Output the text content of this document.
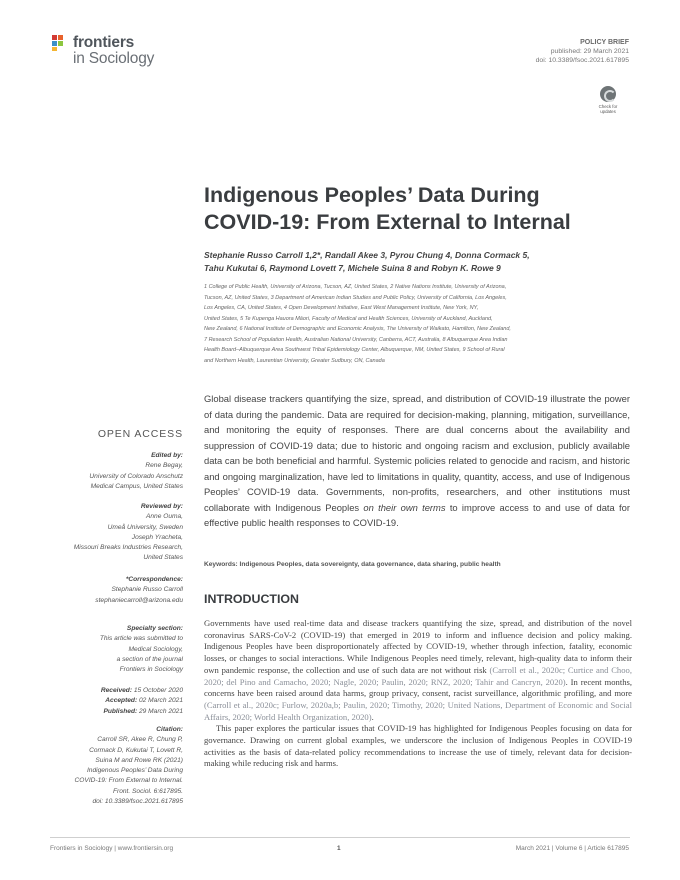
frontiers
in Sociology
POLICY BRIEF
published: 29 March 2021
doi: 10.3389/fsoc.2021.617895
Check for
updates
Indigenous Peoples’ Data During
COVID-19: From External to Internal
Stephanie Russo Carroll 1,2*, Randall Akee 3, Pyrou Chung 4, Donna Cormack 5,
Tahu Kukutai 6, Raymond Lovett 7, Michele Suina 8 and Robyn K. Rowe 9
1 College of Public Health, University of Arizona, Tucson, AZ, United States, 2 Native Nations Institute, University of Arizona,
Tucson, AZ, United States, 3 Department of American Indian Studies and Public Policy, University of California, Los Angeles,
Los Angeles, CA, United States, 4 Open Development Initiative, East West Management Institute, New York, NY,
United States, 5 Te Kupenga Hauora Māori, Faculty of Medical and Health Sciences, University of Auckland, Auckland,
New Zealand, 6 National Institute of Demographic and Economic Analysis, The University of Waikato, Hamilton, New Zealand,
7 Research School of Population Health, Australian National University, Canberra, ACT, Australia, 8 Albuquerque Area Indian
Health Board–Albuquerque Area Southwest Tribal Epidemiology Center, Albuquerque, NM, United States, 9 School of Rural
and Northern Health, Laurentian University, Greater Sudbury, ON, Canada
OPEN ACCESS
Edited by:
Rene Begay,
University of Colorado Anschutz
Medical Campus, United States
Reviewed by:
Anne Ouma,
Umeå University, Sweden
Joseph Yracheta,
Missouri Breaks Industries Research,
United States
*Correspondence:
Stephanie Russo Carroll
stephaniecarroll@arizona.edu
Specialty section:
This article was submitted to
Medical Sociology,
a section of the journal
Frontiers in Sociology
Received: 15 October 2020
Accepted: 02 March 2021
Published: 29 March 2021
Citation:
Carroll SR, Akee R, Chung P,
Cormack D, Kukutai T, Lovett R,
Suina M and Rowe RK (2021)
Indigenous Peoples’ Data During
COVID-19: From External to Internal.
Front. Sociol. 6:617895.
doi: 10.3389/fsoc.2021.617895
Global disease trackers quantifying the size, spread, and distribution of COVID-19 illustrate the power of data during the pandemic. Data are required for decision-making, planning, mitigation, surveillance, and monitoring the equity of responses. There are dual concerns about the availability and suppression of COVID-19 data; due to historic and ongoing racism and exclusion, publicly available data can be both beneficial and harmful. Systemic policies related to genocide and racism, and historic and ongoing marginalization, have led to limitations in quality, quantity, access, and use of Indigenous Peoples’ COVID-19 data. Governments, non-profits, researchers, and other institutions must collaborate with Indigenous Peoples on their own terms to improve access to and use of data for effective public health responses to COVID-19.
Keywords: Indigenous Peoples, data sovereignty, data governance, data sharing, public health
INTRODUCTION

Governments have used real-time data and disease trackers quantifying the size, spread, and distribution of the novel coronavirus SARS-CoV-2 (COVID-19) that emerged in 2019 to inform and influence decision and policy making. Indigenous Peoples have been disproportionately affected by COVID-19, whether through infection, fatality, economic losses, or changes to social interactions. While Indigenous Peoples need timely, relevant, high-quality data to inform their own pandemic response, the collection and use of such data are not without risk (Carroll et al., 2020c; Curtice and Choo, 2020; del Pino and Camacho, 2020; Nagle, 2020; Paulin, 2020; RNZ, 2020; Tahir and Cancryn, 2020). In recent months, concerns have been raised around data harms, group privacy, consent, racist surveillance, algorithmic profiling, and more (Carroll et al., 2020c; Furlow, 2020a,b; Paulin, 2020; Timothy, 2020; United Nations, Department of Economic and Social Affairs, 2020; World Health Organization, 2020).

This paper explores the particular issues that COVID-19 has highlighted for Indigenous Peoples focusing on data for governance. Drawing on current global examples, we underscore the inclusion of Indigenous Peoples in COVID-19 activities as the basis of data-related policy recommendations to increase the use of timely, relevant data for decision-making while reducing risk and harms.

Frontiers in Sociology | www.frontiersin.org	1	March 2021 | Volume 6 | Article 617895
